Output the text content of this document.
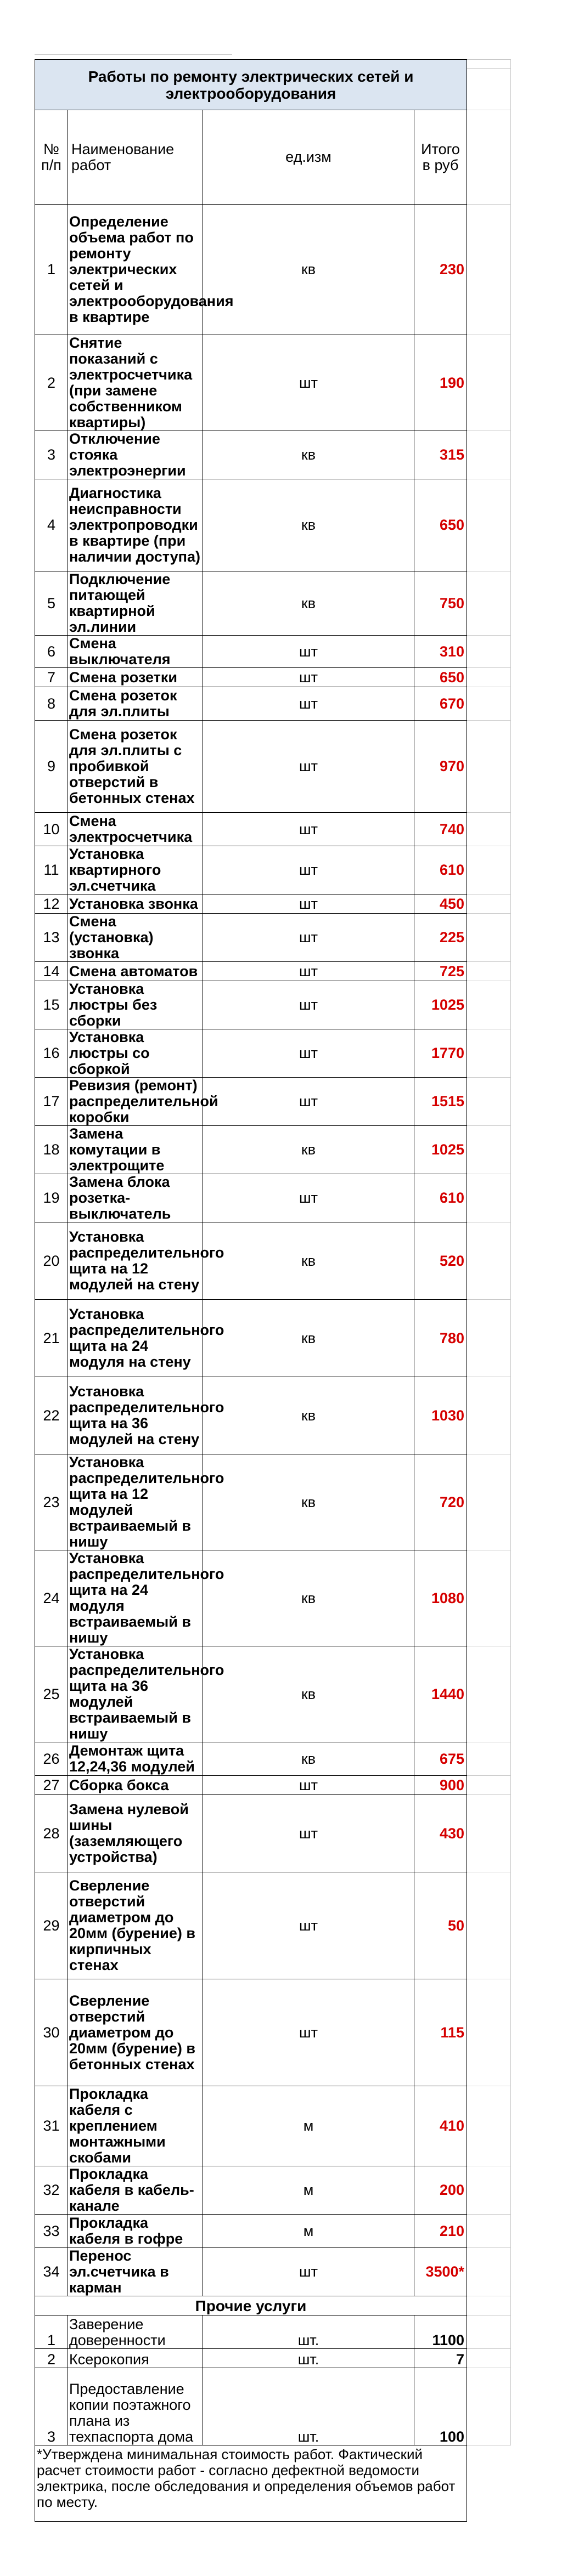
Работы по ремонту электрических сетей и электрооборудования				
№ п/п	Наименование работ	ед.изм	Итого в руб	
1	Определение объема работ по ремонту электрических сетей и электрооборудования в квартире	кв	230	
2	Снятие показаний с электросчетчика (при замене собственником квартиры)	шт	190	
3	Отключение стояка электроэнергии	кв	315	
4	Диагностика неисправности электропроводки в квартире (при наличии доступа)	кв	650	
5	Подключение питающей квартирной эл.линии	кв	750	
6	Смена выключателя	шт	310	
7	Смена розетки	шт	650	
8	Смена розеток для эл.плиты	шт	670	
9	Смена розеток для эл.плиты с пробивкой отверстий в бетонных стенах	шт	970	
10	Смена электросчетчика	шт	740	
11	Установка квартирного эл.счетчика	шт	610	
12	Установка звонка	шт	450	
13	Смена (установка) звонка	шт	225	
14	Смена автоматов	шт	725	
15	Установка люстры без сборки	шт	1025	
16	Установка люстры со сборкой	шт	1770	
17	Ревизия (ремонт) распределительной коробки	шт	1515	
18	Замена комутации в электрощите	кв	1025	
19	Замена блока розетка-выключатель	шт	610	
20	Установка распределительного щита на 12 модулей на стену	кв	520	
21	Установка распределительного щита на 24 модуля на стену	кв	780	
22	Установка распределительного щита на 36 модулей на стену	кв	1030	
23	Установка распределительного щита на 12 модулей встраиваемый в нишу	кв	720	
24	Установка распределительного щита на 24 модуля встраиваемый в нишу	кв	1080	
25	Установка распределительного щита на 36 модулей встраиваемый в нишу	кв	1440	
26	Демонтаж щита 12,24,36 модулей	кв	675	
27	Сборка бокса	шт	900	
28	Замена нулевой шины (заземляющего устройства)	шт	430	
29	Сверление отверстий диаметром до 20мм (бурение) в кирпичных стенах	шт	50	
30	Сверление отверстий диаметром до 20мм (бурение) в бетонных стенах	шт	115	
31	Прокладка кабеля с креплением монтажными скобами	м	410	
32	Прокладка кабеля в кабель-канале	м	200	
33	Прокладка кабеля в гофре	м	210	
34	Перенос эл.счетчика в карман	шт	3500*	
Прочие услуги				
1	Заверение доверенности	шт.	1100	
2	Ксерокопия	шт.	7	
3	Предоставление копии поэтажного плана из техпаспорта дома	шт.	100	
*Утверждена минимальная стоимость работ. Фактический расчет стоимости работ - согласно дефектной ведомости электрика, после обследования и определения объемов работ по месту.				
